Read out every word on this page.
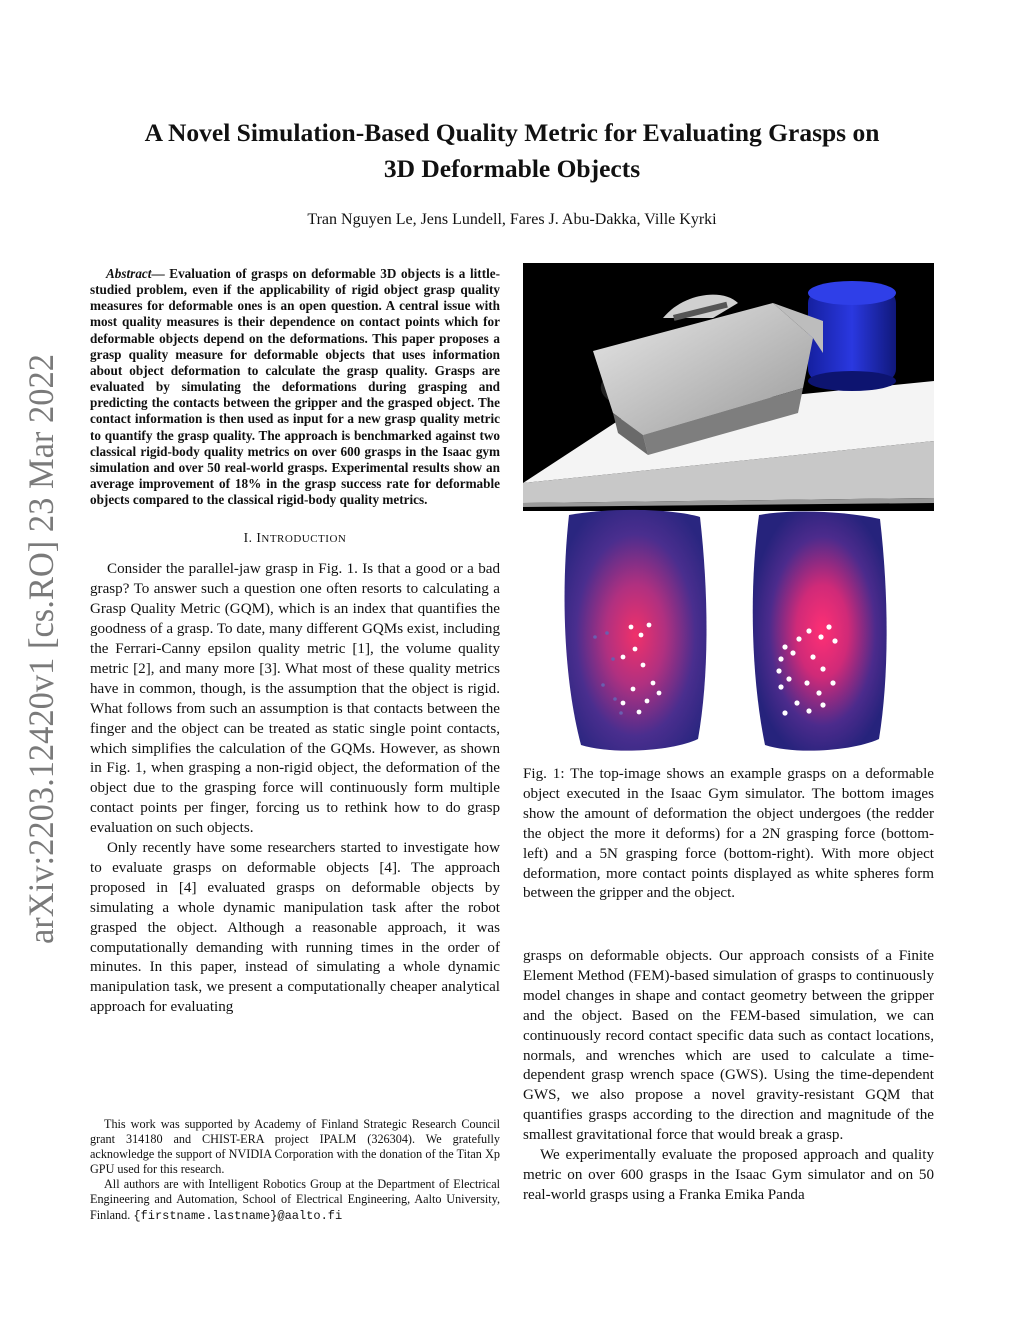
arXiv:2203.12420v1 [cs.RO] 23 Mar 2022
A Novel Simulation-Based Quality Metric for Evaluating Grasps on
3D Deformable Objects
Tran Nguyen Le, Jens Lundell, Fares J. Abu-Dakka, Ville Kyrki

Abstract— Evaluation of grasps on deformable 3D objects is a little-studied problem, even if the applicability of rigid object grasp quality measures for deformable ones is an open question. A central issue with most quality measures is their dependence on contact points which for deformable objects depend on the deformations. This paper proposes a grasp quality measure for deformable objects that uses information about object deformation to calculate the grasp quality. Grasps are evaluated by simulating the deformations during grasping and predicting the contacts between the gripper and the grasped object. The contact information is then used as input for a new grasp quality metric to quantify the grasp quality. The approach is benchmarked against two classical rigid-body quality metrics on over 600 grasps in the Isaac gym simulation and over 50 real-world grasps. Experimental results show an average improvement of 18% in the grasp success rate for deformable objects compared to the classical rigid-body quality metrics.

I. INTRODUCTION

Consider the parallel-jaw grasp in Fig. 1. Is that a good or a bad grasp? To answer such a question one often resorts to calculating a Grasp Quality Metric (GQM), which is an index that quantifies the goodness of a grasp. To date, many different GQMs exist, including the Ferrari-Canny epsilon quality metric [1], the volume quality metric [2], and many more [3]. What most of these quality metrics have in common, though, is the assumption that the object is rigid. What follows from such an assumption is that contacts between the finger and the object can be treated as static single point contacts, which simplifies the calculation of the GQMs. However, as shown in Fig. 1, when grasping a non-rigid object, the deformation of the object due to the grasping force will continuously form multiple contact points per finger, forcing us to rethink how to do grasp evaluation on such objects.

Only recently have some researchers started to investigate how to evaluate grasps on deformable objects [4]. The approach proposed in [4] evaluated grasps on deformable objects by simulating a whole dynamic manipulation task after the robot grasped the object. Although a reasonable approach, it was computationally demanding with running times in the order of minutes. In this paper, instead of simulating a whole dynamic manipulation task, we present a computationally cheaper analytical approach for evaluating

This work was supported by Academy of Finland Strategic Research Council grant 314180 and CHIST-ERA project IPALM (326304). We gratefully acknowledge the support of NVIDIA Corporation with the donation of the Titan Xp GPU used for this research.

All authors are with Intelligent Robotics Group at the Department of Electrical Engineering and Automation, School of Electrical Engineering, Aalto University, Finland. {firstname.lastname}@aalto.fi

Fig. 1: The top-image shows an example grasps on a deformable object executed in the Isaac Gym simulator. The bottom images show the amount of deformation the object undergoes (the redder the object the more it deforms) for a 2N grasping force (bottom-left) and a 5N grasping force (bottom-right). With more object deformation, more contact points displayed as white spheres form between the gripper and the object.

grasps on deformable objects. Our approach consists of a Finite Element Method (FEM)-based simulation of grasps to continuously model changes in shape and contact geometry between the gripper and the object. Based on the FEM-based simulation, we can continuously record contact specific data such as contact locations, normals, and wrenches which are used to calculate a time-dependent grasp wrench space (GWS). Using the time-dependent GWS, we also propose a novel gravity-resistant GQM that quantifies grasps according to the direction and magnitude of the smallest gravitational force that would break a grasp.

We experimentally evaluate the proposed approach and quality metric on over 600 grasps in the Isaac Gym simulator and on 50 real-world grasps using a Franka Emika Panda
